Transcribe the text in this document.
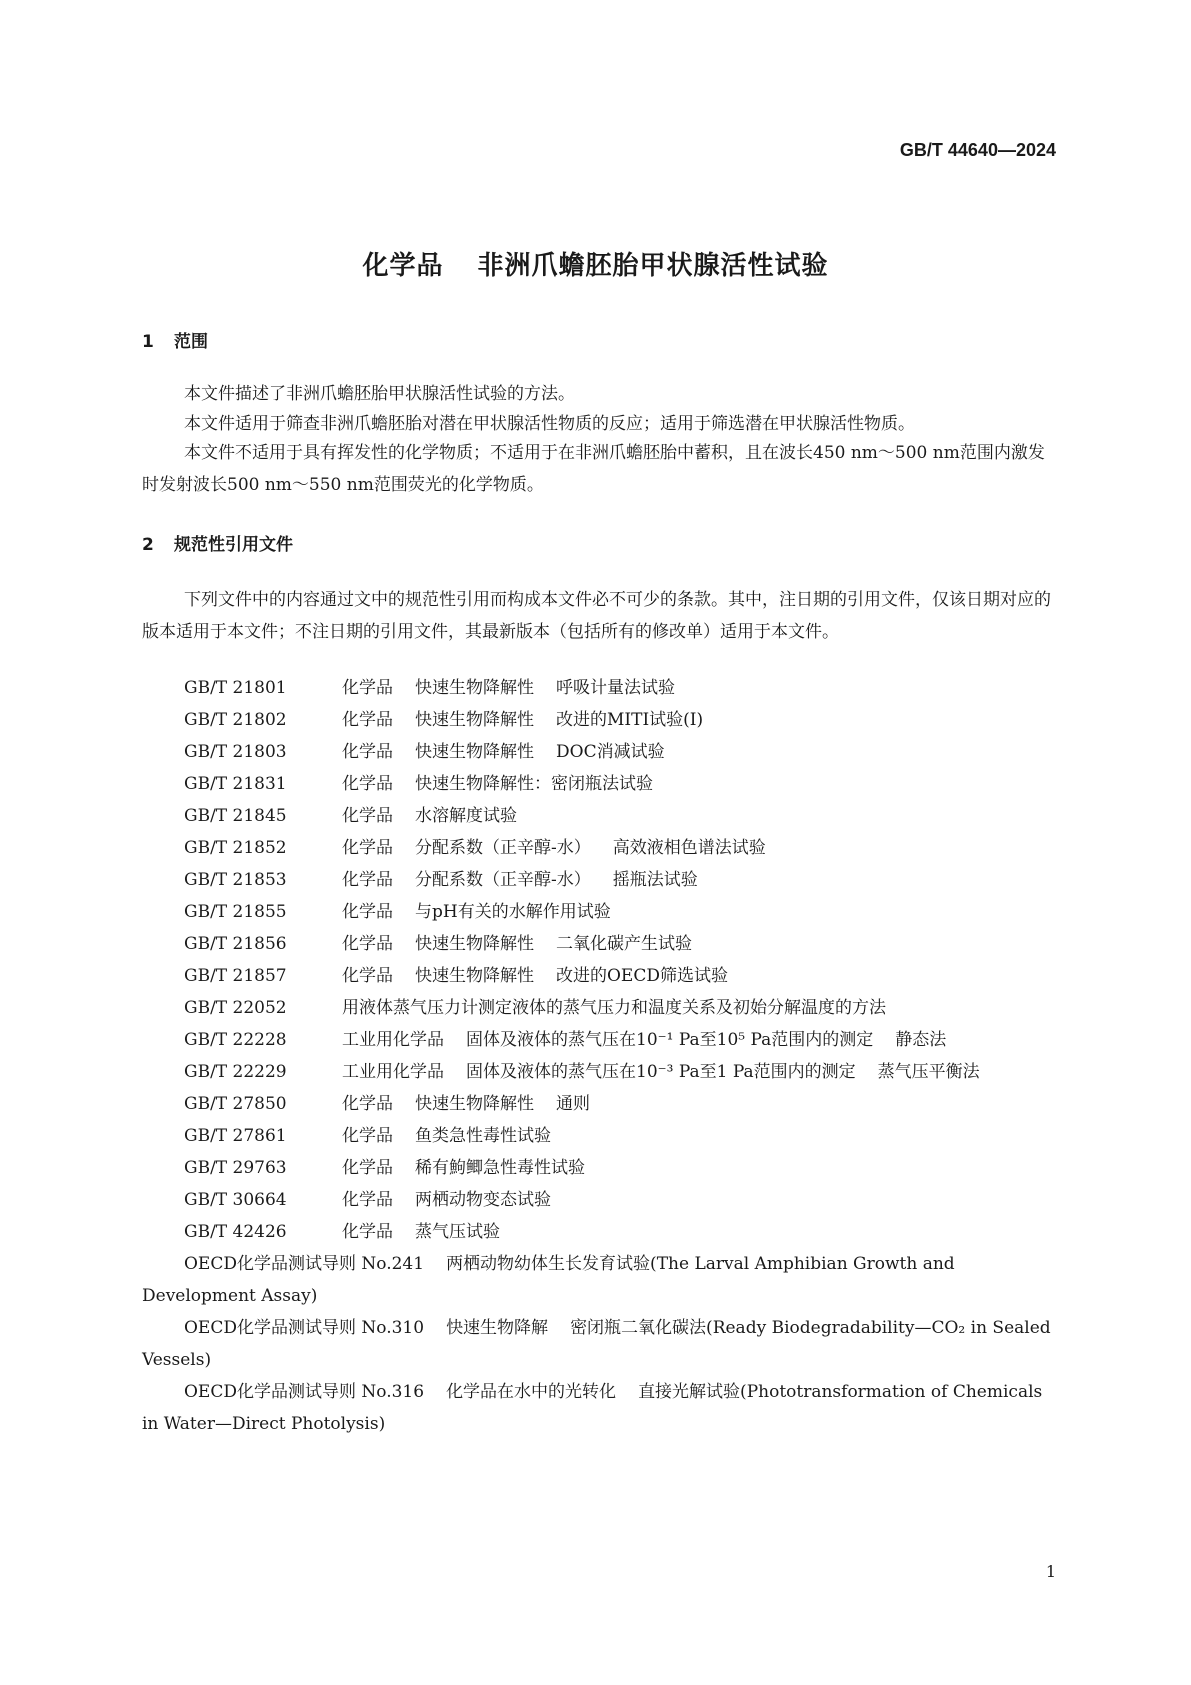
GB/T 44640—2024
化学品 非洲爪蟾胚胎甲状腺活性试验
1 范围

本文件描述了非洲爪蟾胚胎甲状腺活性试验的方法。

本文件适用于筛查非洲爪蟾胚胎对潜在甲状腺活性物质的反应；适用于筛选潜在甲状腺活性物质。

本文件不适用于具有挥发性的化学物质；不适用于在非洲爪蟾胚胎中蓄积，且在波长450 nm～500 nm范围内激发时发射波长500 nm～550 nm范围荧光的化学物质。

2 规范性引用文件

下列文件中的内容通过文中的规范性引用而构成本文件必不可少的条款。其中，注日期的引用文件，仅该日期对应的版本适用于本文件；不注日期的引用文件，其最新版本（包括所有的修改单）适用于本文件。

GB/T 21801	化学品 快速生物降解性 呼吸计量法试验
GB/T 21802	化学品 快速生物降解性 改进的MITI试验(I)
GB/T 21803	化学品 快速生物降解性 DOC消减试验
GB/T 21831	化学品 快速生物降解性：密闭瓶法试验
GB/T 21845	化学品 水溶解度试验
GB/T 21852	化学品 分配系数（正辛醇-水） 高效液相色谱法试验
GB/T 21853	化学品 分配系数（正辛醇-水） 摇瓶法试验
GB/T 21855	化学品 与pH有关的水解作用试验
GB/T 21856	化学品 快速生物降解性 二氧化碳产生试验
GB/T 21857	化学品 快速生物降解性 改进的OECD筛选试验
GB/T 22052	用液体蒸气压力计测定液体的蒸气压力和温度关系及初始分解温度的方法
GB/T 22228	工业用化学品 固体及液体的蒸气压在10⁻¹ Pa至10⁵ Pa范围内的测定 静态法
GB/T 22229	工业用化学品 固体及液体的蒸气压在10⁻³ Pa至1 Pa范围内的测定 蒸气压平衡法
GB/T 27850	化学品 快速生物降解性 通则
GB/T 27861	化学品 鱼类急性毒性试验
GB/T 29763	化学品 稀有鮈鲫急性毒性试验
GB/T 30664	化学品 两栖动物变态试验
GB/T 42426	化学品 蒸气压试验
OECD化学品测试导则 No.241 两栖动物幼体生长发育试验(The Larval Amphibian Growth and Development Assay)
OECD化学品测试导则 No.310 快速生物降解 密闭瓶二氧化碳法(Ready Biodegradability—CO₂ in Sealed Vessels)
OECD化学品测试导则 No.316 化学品在水中的光转化 直接光解试验(Phototransformation of Chemicals in Water—Direct Photolysis)
1
